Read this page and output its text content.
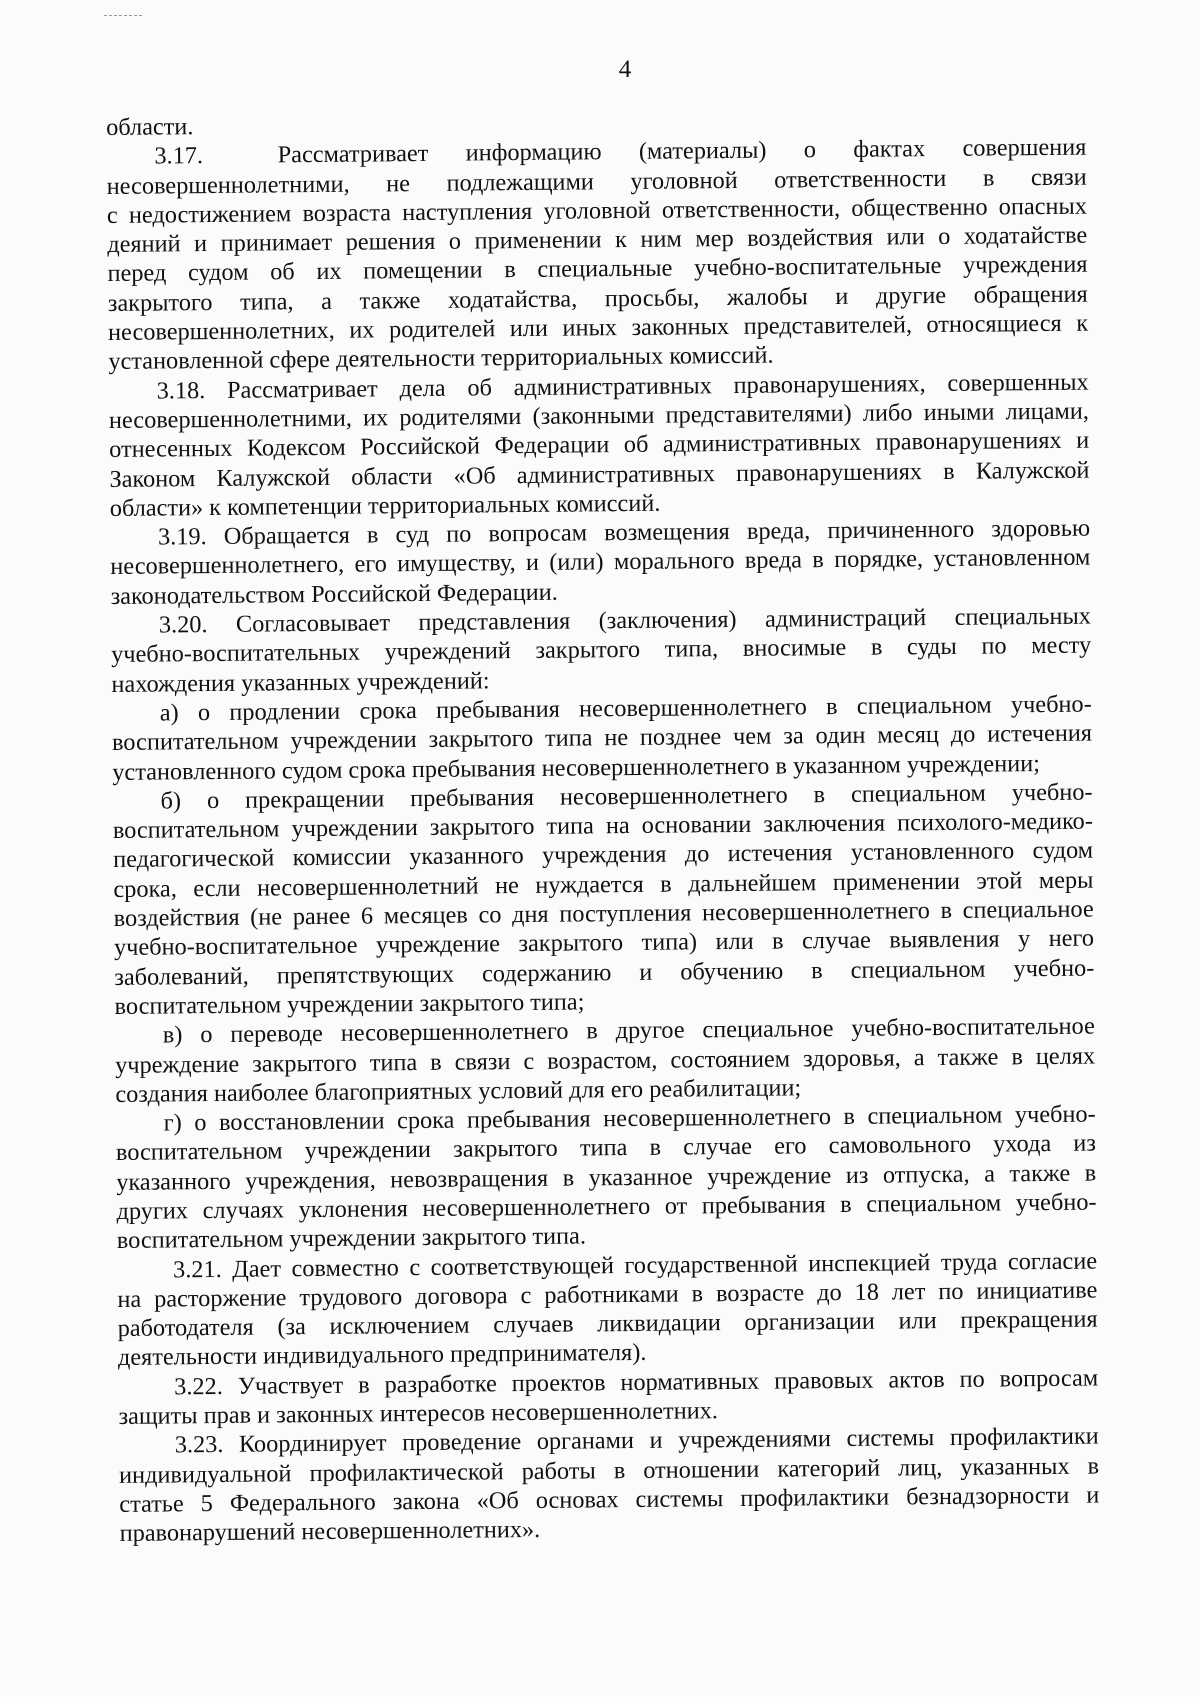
4
области.
3.17.  Рассматривает информацию (материалы) о фактах совершения
несовершеннолетними, не подлежащими уголовной ответственности в связи
с недостижением возраста наступления уголовной ответственности, общественно опасных
деяний и принимает решения о применении к ним мер воздействия или о ходатайстве
перед судом об их помещении в специальные учебно-воспитательные учреждения
закрытого типа, а также ходатайства, просьбы, жалобы и другие обращения
несовершеннолетних, их родителей или иных законных представителей, относящиеся к
установленной сфере деятельности территориальных комиссий.
3.18. Рассматривает дела об административных правонарушениях, совершенных
несовершеннолетними, их родителями (законными представителями) либо иными лицами,
отнесенных Кодексом Российской Федерации об административных правонарушениях и
Законом Калужской области «Об административных правонарушениях в Калужской
области» к компетенции территориальных комиссий.
3.19. Обращается в суд по вопросам возмещения вреда, причиненного здоровью
несовершеннолетнего, его имуществу, и (или) морального вреда в порядке, установленном
законодательством Российской Федерации.
3.20. Согласовывает представления (заключения) администраций специальных
учебно-воспитательных учреждений закрытого типа, вносимые в суды по месту
нахождения указанных учреждений:
а) о продлении срока пребывания несовершеннолетнего в специальном учебно-
воспитательном учреждении закрытого типа не позднее чем за один месяц до истечения
установленного судом срока пребывания несовершеннолетнего в указанном учреждении;
б) о прекращении пребывания несовершеннолетнего в специальном учебно-
воспитательном учреждении закрытого типа на основании заключения психолого-медико-
педагогической комиссии указанного учреждения до истечения установленного судом
срока, если несовершеннолетний не нуждается в дальнейшем применении этой меры
воздействия (не ранее 6 месяцев со дня поступления несовершеннолетнего в специальное
учебно-воспитательное учреждение закрытого типа) или в случае выявления у него
заболеваний, препятствующих содержанию и обучению в специальном учебно-
воспитательном учреждении закрытого типа;
в) о переводе несовершеннолетнего в другое специальное учебно-воспитательное
учреждение закрытого типа в связи с возрастом, состоянием здоровья, а также в целях
создания наиболее благоприятных условий для его реабилитации;
г) о восстановлении срока пребывания несовершеннолетнего в специальном учебно-
воспитательном учреждении закрытого типа в случае его самовольного ухода из
указанного учреждения, невозвращения в указанное учреждение из отпуска, а также в
других случаях уклонения несовершеннолетнего от пребывания в специальном учебно-
воспитательном учреждении закрытого типа.
3.21. Дает совместно с соответствующей государственной инспекцией труда согласие
на расторжение трудового договора с работниками в возрасте до 18 лет по инициативе
работодателя (за исключением случаев ликвидации организации или прекращения
деятельности индивидуального предпринимателя).
3.22. Участвует в разработке проектов нормативных правовых актов по вопросам
защиты прав и законных интересов несовершеннолетних.
3.23. Координирует проведение органами и учреждениями системы профилактики
индивидуальной профилактической работы в отношении категорий лиц, указанных в
статье 5 Федерального закона «Об основах системы профилактики безнадзорности и
правонарушений несовершеннолетних».
